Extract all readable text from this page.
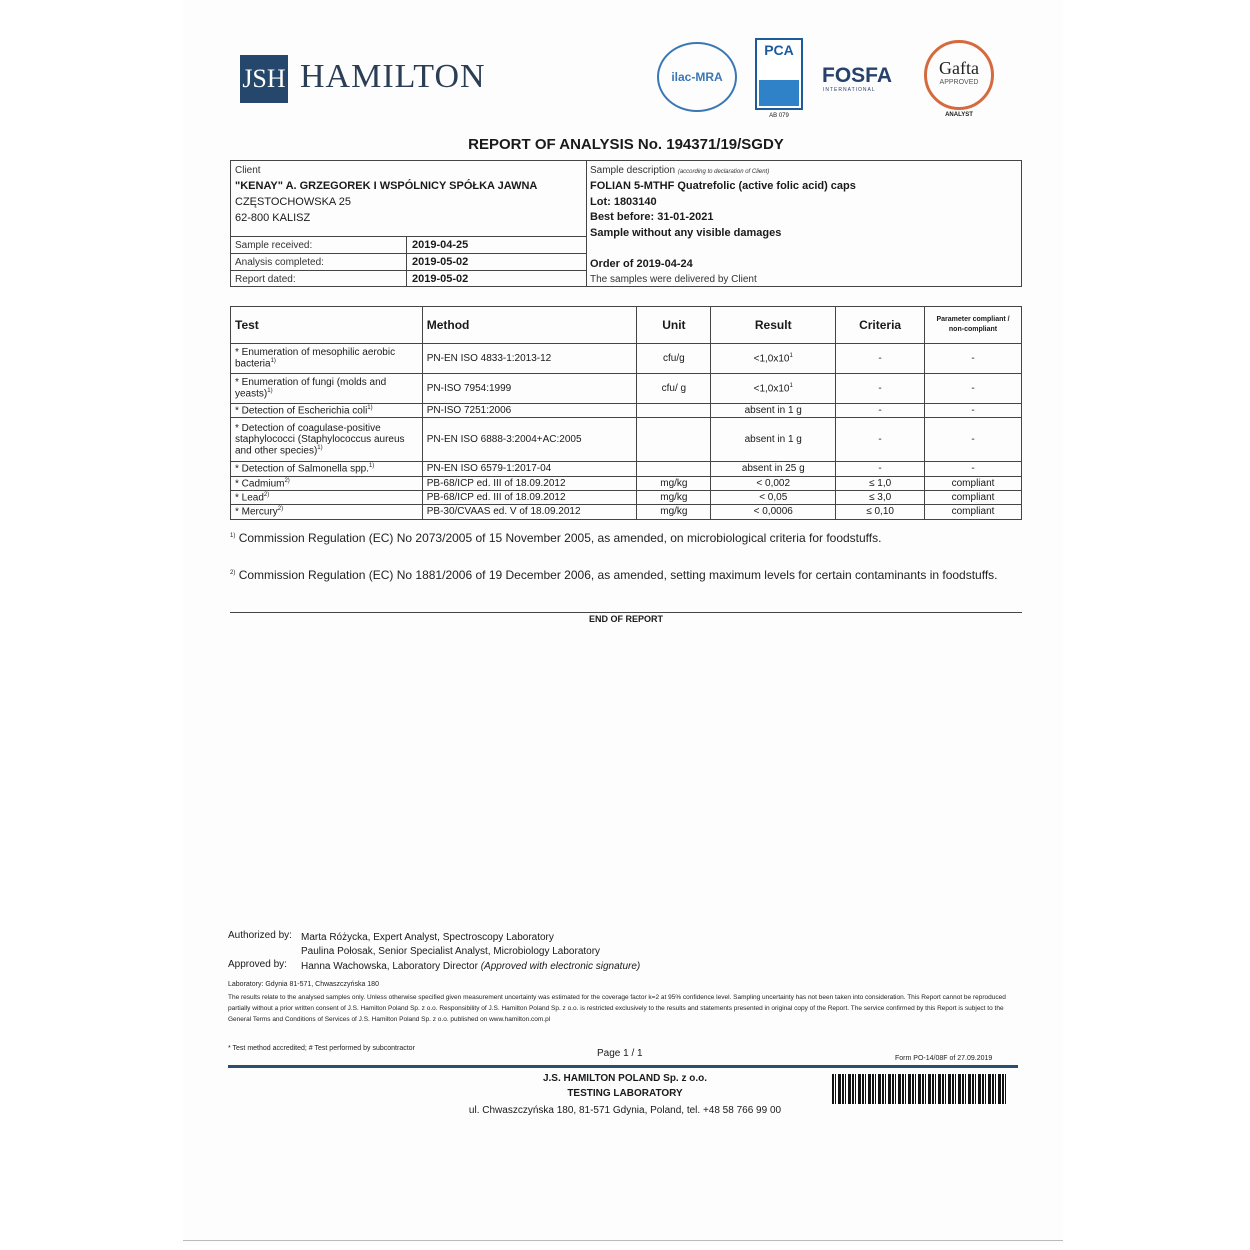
JSH HAMILTON	ilac-MRA
PCA
AB 079
FOSFA
INTERNATIONAL
Gafta
APPROVED
ANALYST
REPORT OF ANALYSIS No. 194371/19/SGDY
Client
"KENAY" A. GRZEGOREK I WSPÓLNICY SPÓŁKA JAWNA
CZĘSTOCHOWSKA 25
62-800 KALISZ
Sample received:	2019-04-25
Analysis completed:	2019-05-02
Report dated:	2019-05-02
Sample description (according to declaration of Client)
FOLIAN 5-MTHF Quatrefolic (active folic acid) caps
Lot: 1803140
Best before: 31-01-2021
Sample without any visible damages
Order of 2019-04-24
The samples were delivered by Client
Test	Method	Unit	Result	Criteria	Parameter compliant / non-compliant
* Enumeration of mesophilic aerobic bacteria$^{1)}$	PN-EN ISO 4833-1:2013-12	cfu/g	$<1,0x10^1$	-	-
* Enumeration of fungi (molds and yeasts)$^{1)}$	PN-ISO 7954:1999	cfu/ g	$<1,0x10^1$	-	-
* Detection of Escherichia coli$^{1)}$	PN-ISO 7251:2006		absent in 1 g	-	-
* Detection of coagulase-positive staphylococci (Staphylococcus aureus and other species)$^{1)}$	PN-EN ISO 6888-3:2004+AC:2005		absent in 1 g	-	-
* Detection of Salmonella spp.$^{1)}$	PN-EN ISO 6579-1:2017-04		absent in 25 g	-	-
* Cadmium$^{2)}$	PB-68/ICP ed. III of 18.09.2012	mg/kg	< 0,002	≤ 1,0	compliant
* Lead$^{2)}$	PB-68/ICP ed. III of 18.09.2012	mg/kg	< 0,05	≤ 3,0	compliant
* Mercury$^{2)}$	PB-30/CVAAS ed. V of 18.09.2012	mg/kg	< 0,0006	≤ 0,10	compliant
$^{1)}$ Commission Regulation (EC) No 2073/2005 of 15 November 2005, as amended, on microbiological criteria for foodstuffs.
$^{2)}$ Commission Regulation (EC) No 1881/2006 of 19 December 2006, as amended, setting maximum levels for certain contaminants in foodstuffs.
END OF REPORT
Authorized by: Marta Różycka, Expert Analyst, Spectroscopy Laboratory
Paulina Połosak, Senior Specialist Analyst, Microbiology Laboratory
Approved by: Hanna Wachowska, Laboratory Director (Approved with electronic signature)
Laboratory: Gdynia 81-571, Chwaszczyńska 180
The results relate to the analysed samples only. Unless otherwise specified given measurement uncertainty was estimated for the coverage factor k=2 at 95% confidence level. Sampling uncertainty has not been taken into consideration. This Report cannot be reproduced partially without a prior written consent of J.S. Hamilton Poland Sp. z o.o. Responsibility of J.S. Hamilton Poland Sp. z o.o. is restricted exclusively to the results and statements presented in original copy of the Report. The service confirmed by this Report is subject to the General Terms and Conditions of Services of J.S. Hamilton Poland Sp. z o.o. published on www.hamilton.com.pl
* Test method accredited; # Test performed by subcontractor	Page 1 / 1	Form PO-14/08F of 27.09.2019
J.S. HAMILTON POLAND Sp. z o.o.
TESTING LABORATORY
ul. Chwaszczyńska 180, 81-571 Gdynia, Poland, tel. +48 58 766 99 00
